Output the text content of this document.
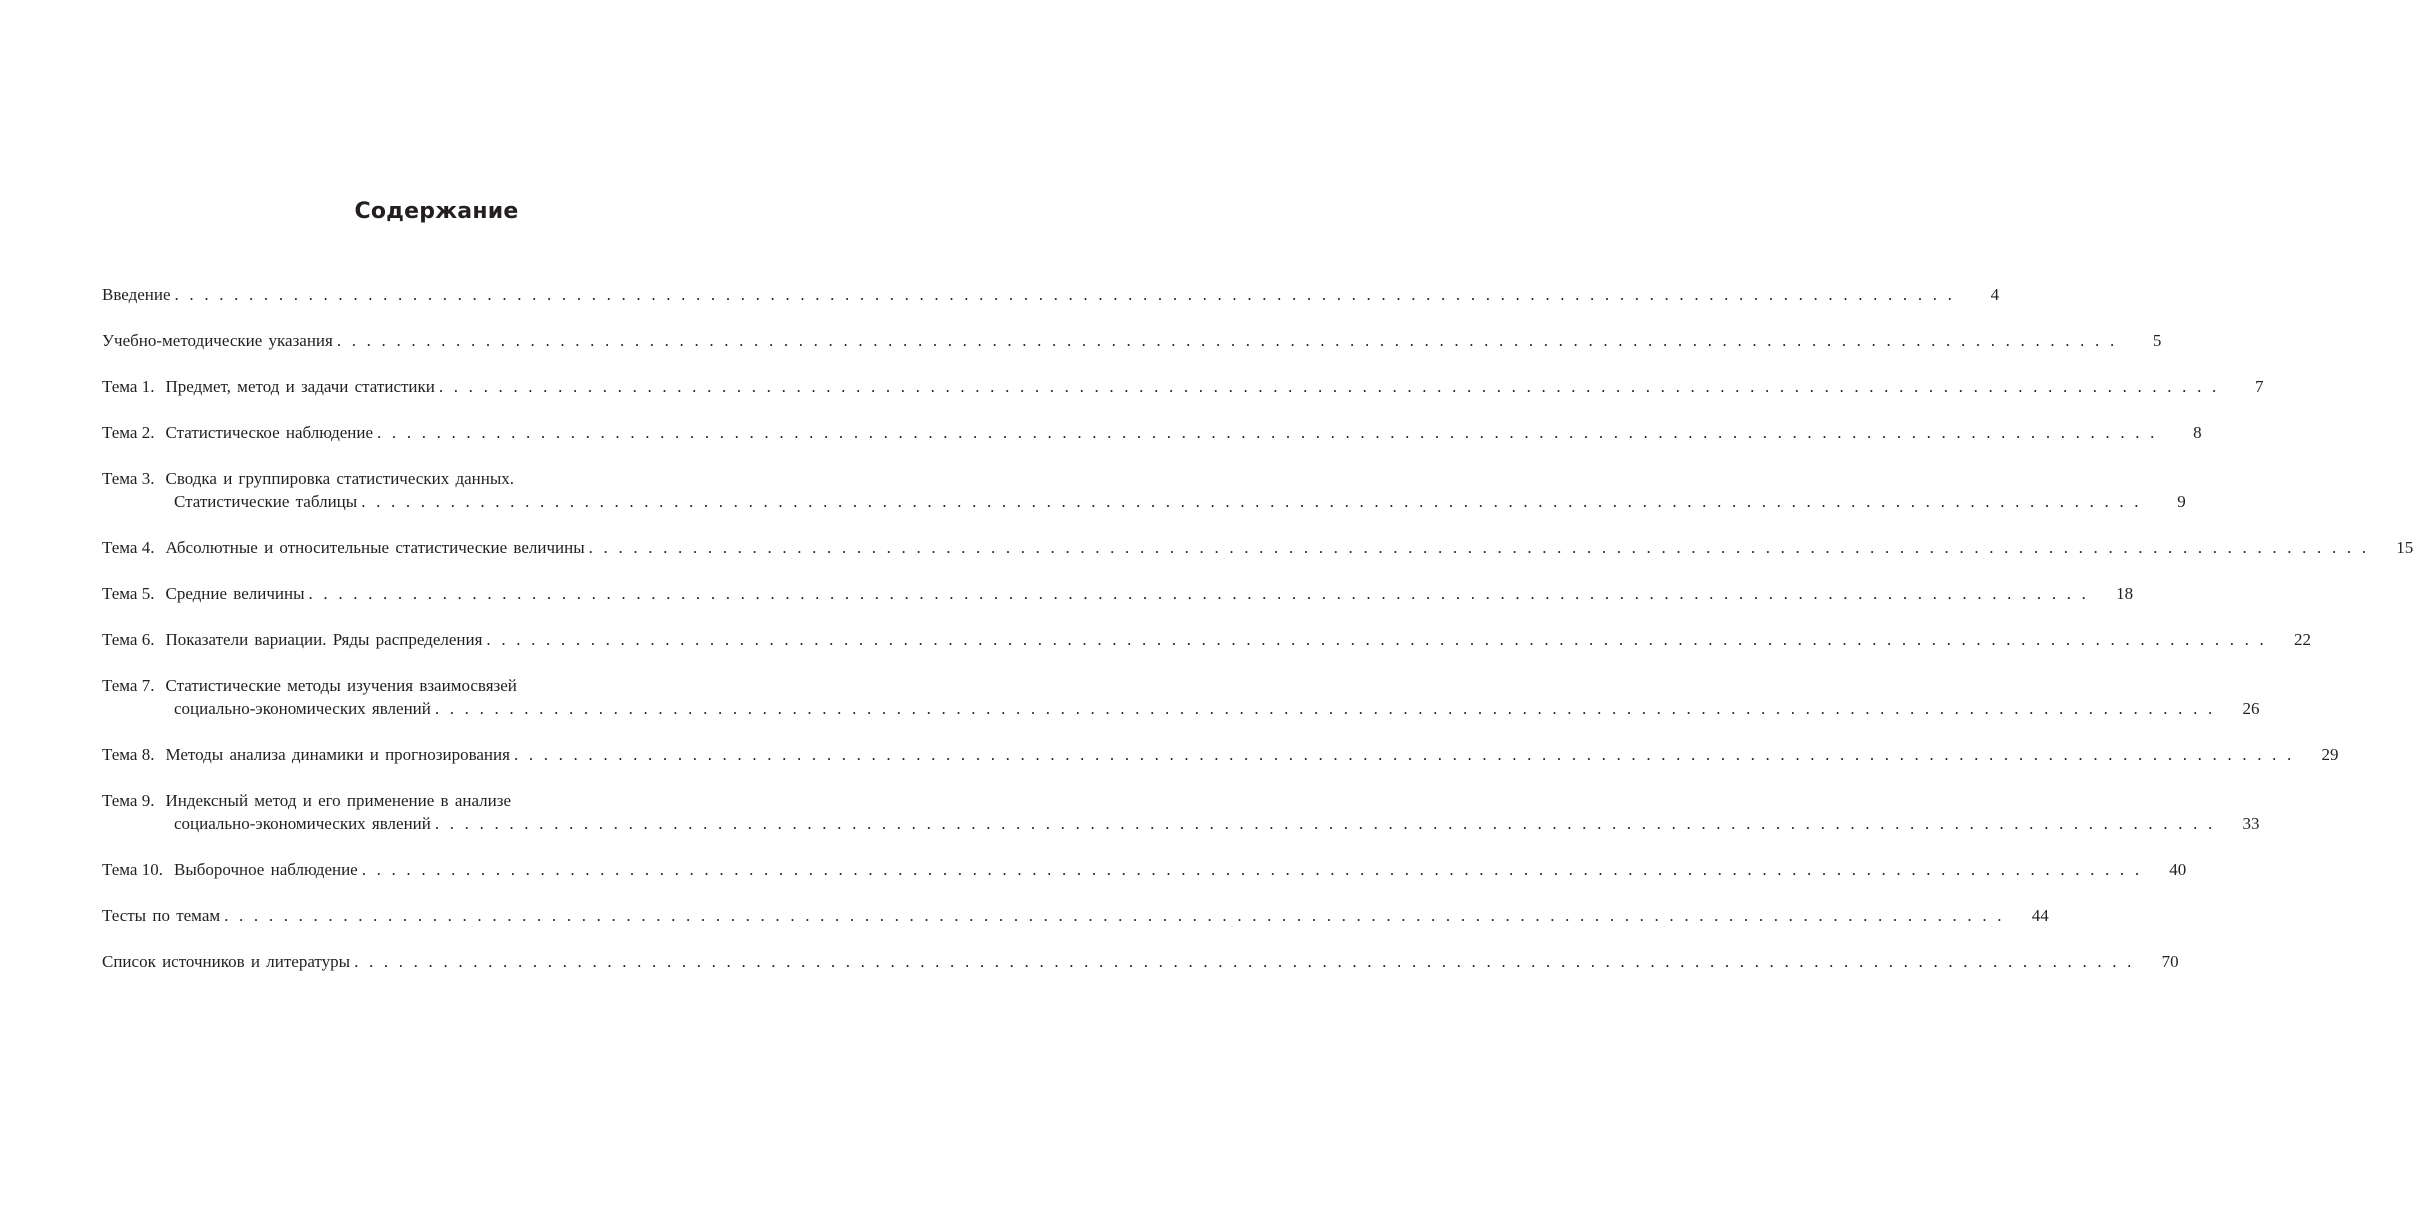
Содержание
Введение . . . . . . . . . . . . . . . . . . . . . . . . . . . . . . . . . . . . . . . . . . . . . . . . . . . . . . . . . . . . . . . . . . . . . . . . . . . . . . . . . . . . . . . . . . . . . . . . . . . . . . . . . . . . . . . . . . . . . . . .	4
Учебно-методические указания . . . . . . . . . . . . . . . . . . . . . . . . . . . . . . . . . . . . . . . . . . . . . . . . . . . . . . . . . . . . . . . . . . . . . . . . . . . . . . . . . . . . . . . . . . . . . . . . . . . . . . . . . . . . . . . . . . . . . . . .	5
Тема 1. Предмет, метод и задачи статистики . . . . . . . . . . . . . . . . . . . . . . . . . . . . . . . . . . . . . . . . . . . . . . . . . . . . . . . . . . . . . . . . . . . . . . . . . . . . . . . . . . . . . . . . . . . . . . . . . . . . . . . . . . . . . . . . . . . . . . . .	7
Тема 2. Статистическое наблюдение . . . . . . . . . . . . . . . . . . . . . . . . . . . . . . . . . . . . . . . . . . . . . . . . . . . . . . . . . . . . . . . . . . . . . . . . . . . . . . . . . . . . . . . . . . . . . . . . . . . . . . . . . . . . . . . . . . . . . . . .	8
Тема 3. Сводка и группировка статистических данных.
Статистические таблицы . . . . . . . . . . . . . . . . . . . . . . . . . . . . . . . . . . . . . . . . . . . . . . . . . . . . . . . . . . . . . . . . . . . . . . . . . . . . . . . . . . . . . . . . . . . . . . . . . . . . . . . . . . . . . . . . . . . . . . . .	9
Тема 4. Абсолютные и относительные статистические величины . . . . . . . . . . . . . . . . . . . . . . . . . . . . . . . . . . . . . . . . . . . . . . . . . . . . . . . . . . . . . . . . . . . . . . . . . . . . . . . . . . . . . . . . . . . . . . . . . . . . . . . . . . . . . . . . . . . . . . . .	15
Тема 5. Средние величины . . . . . . . . . . . . . . . . . . . . . . . . . . . . . . . . . . . . . . . . . . . . . . . . . . . . . . . . . . . . . . . . . . . . . . . . . . . . . . . . . . . . . . . . . . . . . . . . . . . . . . . . . . . . . . . . . . . . . . . .	18
Тема 6. Показатели вариации. Ряды распределения . . . . . . . . . . . . . . . . . . . . . . . . . . . . . . . . . . . . . . . . . . . . . . . . . . . . . . . . . . . . . . . . . . . . . . . . . . . . . . . . . . . . . . . . . . . . . . . . . . . . . . . . . . . . . . . . . . . . . . . .	22
Тема 7. Статистические методы изучения взаимосвязей
социально-экономических явлений . . . . . . . . . . . . . . . . . . . . . . . . . . . . . . . . . . . . . . . . . . . . . . . . . . . . . . . . . . . . . . . . . . . . . . . . . . . . . . . . . . . . . . . . . . . . . . . . . . . . . . . . . . . . . . . . . . . . . . . .	26
Тема 8. Методы анализа динамики и прогнозирования . . . . . . . . . . . . . . . . . . . . . . . . . . . . . . . . . . . . . . . . . . . . . . . . . . . . . . . . . . . . . . . . . . . . . . . . . . . . . . . . . . . . . . . . . . . . . . . . . . . . . . . . . . . . . . . . . . . . . . . .	29
Тема 9. Индексный метод и его применение в анализе
социально-экономических явлений . . . . . . . . . . . . . . . . . . . . . . . . . . . . . . . . . . . . . . . . . . . . . . . . . . . . . . . . . . . . . . . . . . . . . . . . . . . . . . . . . . . . . . . . . . . . . . . . . . . . . . . . . . . . . . . . . . . . . . . .	33
Тема 10. Выборочное наблюдение . . . . . . . . . . . . . . . . . . . . . . . . . . . . . . . . . . . . . . . . . . . . . . . . . . . . . . . . . . . . . . . . . . . . . . . . . . . . . . . . . . . . . . . . . . . . . . . . . . . . . . . . . . . . . . . . . . . . . . . .	40
Тесты по темам . . . . . . . . . . . . . . . . . . . . . . . . . . . . . . . . . . . . . . . . . . . . . . . . . . . . . . . . . . . . . . . . . . . . . . . . . . . . . . . . . . . . . . . . . . . . . . . . . . . . . . . . . . . . . . . . . . . . . . . .	44
Список источников и литературы . . . . . . . . . . . . . . . . . . . . . . . . . . . . . . . . . . . . . . . . . . . . . . . . . . . . . . . . . . . . . . . . . . . . . . . . . . . . . . . . . . . . . . . . . . . . . . . . . . . . . . . . . . . . . . . . . . . . . . . .	70
